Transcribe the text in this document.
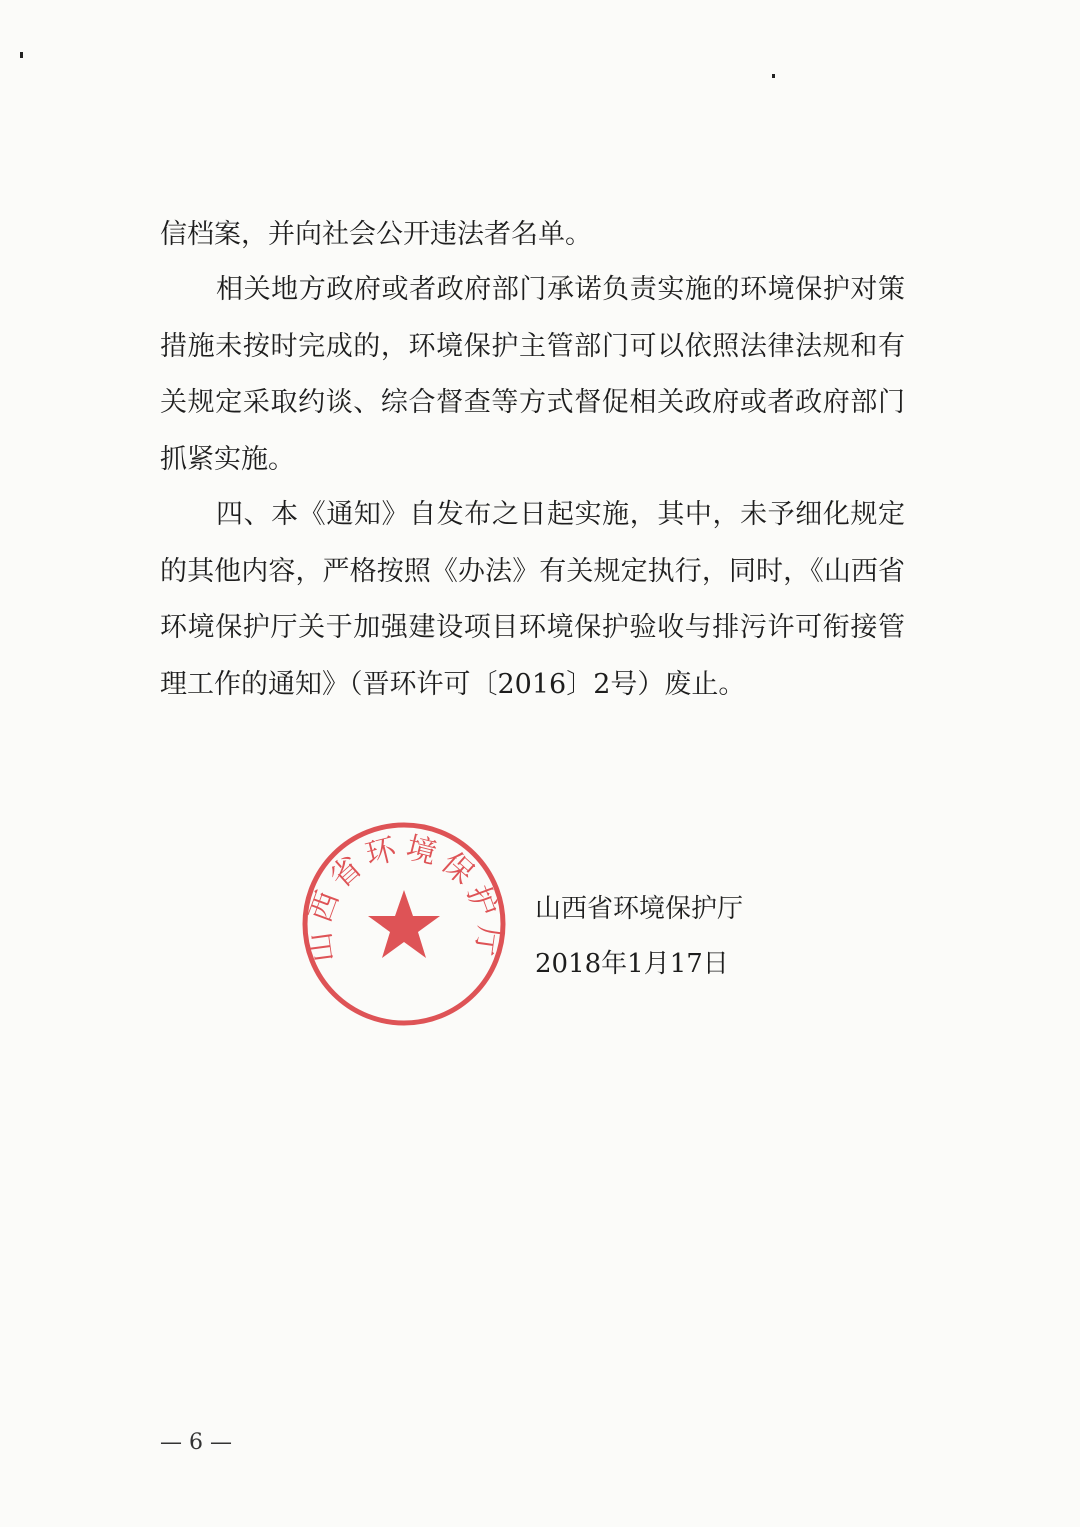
信档案，并向社会公开违法者名单。
相关地方政府或者政府部门承诺负责实施的环境保护对策
措施未按时完成的，环境保护主管部门可以依照法律法规和有
关规定采取约谈、综合督查等方式督促相关政府或者政府部门
抓紧实施。
四、本《通知》自发布之日起实施，其中，未予细化规定
的其他内容，严格按照《办法》有关规定执行，同时，《山西省
环境保护厅关于加强建设项目环境保护验收与排污许可衔接管
理工作的通知》（晋环许可〔2016〕2号）废止。
山西省环境保护厅
2018年1月17日
山西省环境保护厅
— 6 —
